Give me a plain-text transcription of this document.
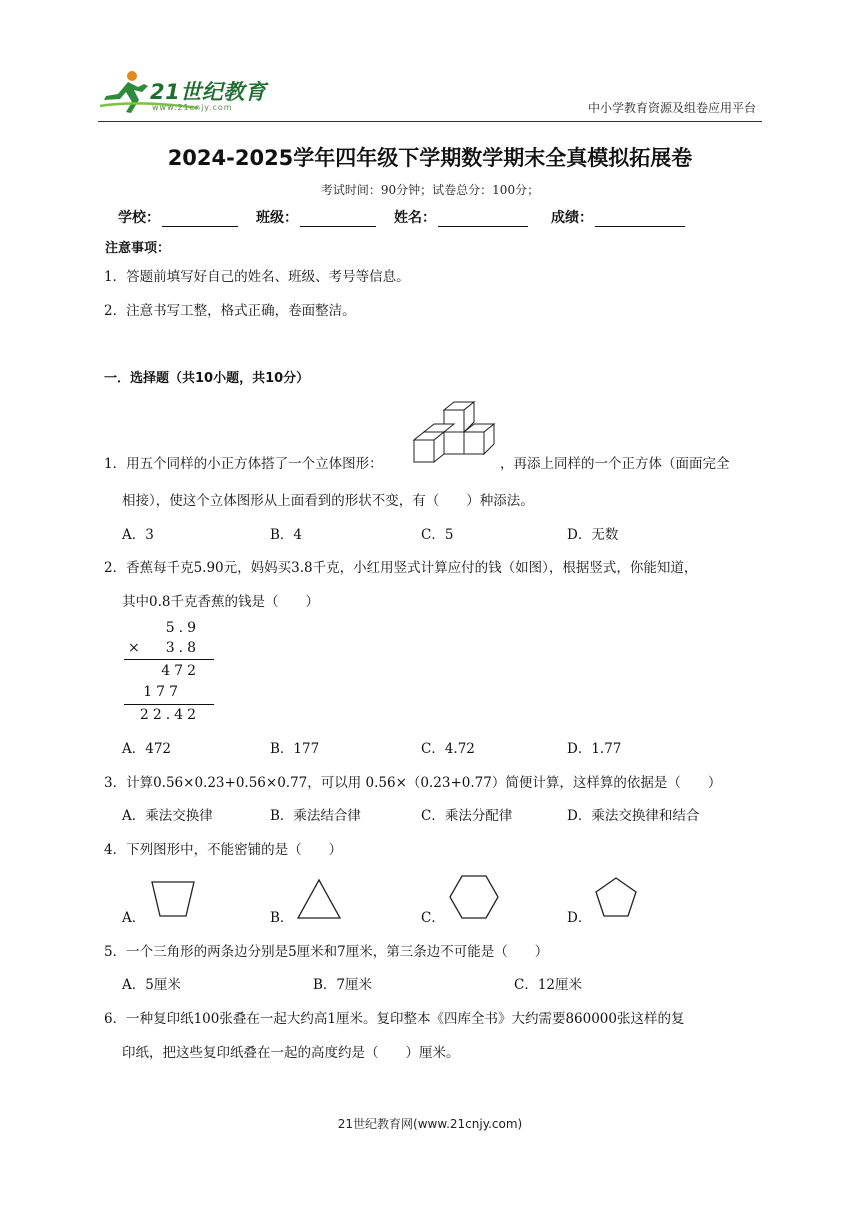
21世纪教育
www.21cnjy.com	中小学教育资源及组卷应用平台
2024-2025学年四年级下学期数学期末全真模拟拓展卷
考试时间：90分钟；试卷总分：100分；
学校：	班级：	姓名：	成绩：
注意事项：
1．答题前填写好自己的姓名、班级、考号等信息。
2．注意书写工整，格式正确，卷面整洁。
一．选择题（共10小题，共10分）
1．用五个同样的小正方体搭了一个立体图形：	，再添上同样的一个正方体（面面完全
相接），使这个立体图形从上面看到的形状不变，有（　　）种添法。
A．3	B．4	C．5	D．无数
2．香蕉每千克5.90元，妈妈买3.8千克，小红用竖式计算应付的钱（如图），根据竖式，你能知道，
其中0.8千克香蕉的钱是（　　）
5.9
× 3.8
472
177
22.42
A．472	B．177	C．4.72	D．1.77
3．计算0.56×0.23+0.56×0.77，可以用 0.56×（0.23+0.77）简便计算，这样算的依据是（　　）
A．乘法交换律	B．乘法结合律	C．乘法分配律	D．乘法交换律和结合
4．下列图形中，不能密铺的是（　　）
A．	B．	C．	D．
5．一个三角形的两条边分别是5厘米和7厘米，第三条边不可能是（　　）
A．5厘米	B．7厘米	C．12厘米
6．一种复印纸100张叠在一起大约高1厘米。复印整本《四库全书》大约需要860000张这样的复
印纸，把这些复印纸叠在一起的高度约是（　　）厘米。
21世纪教育网(www.21cnjy.com)
